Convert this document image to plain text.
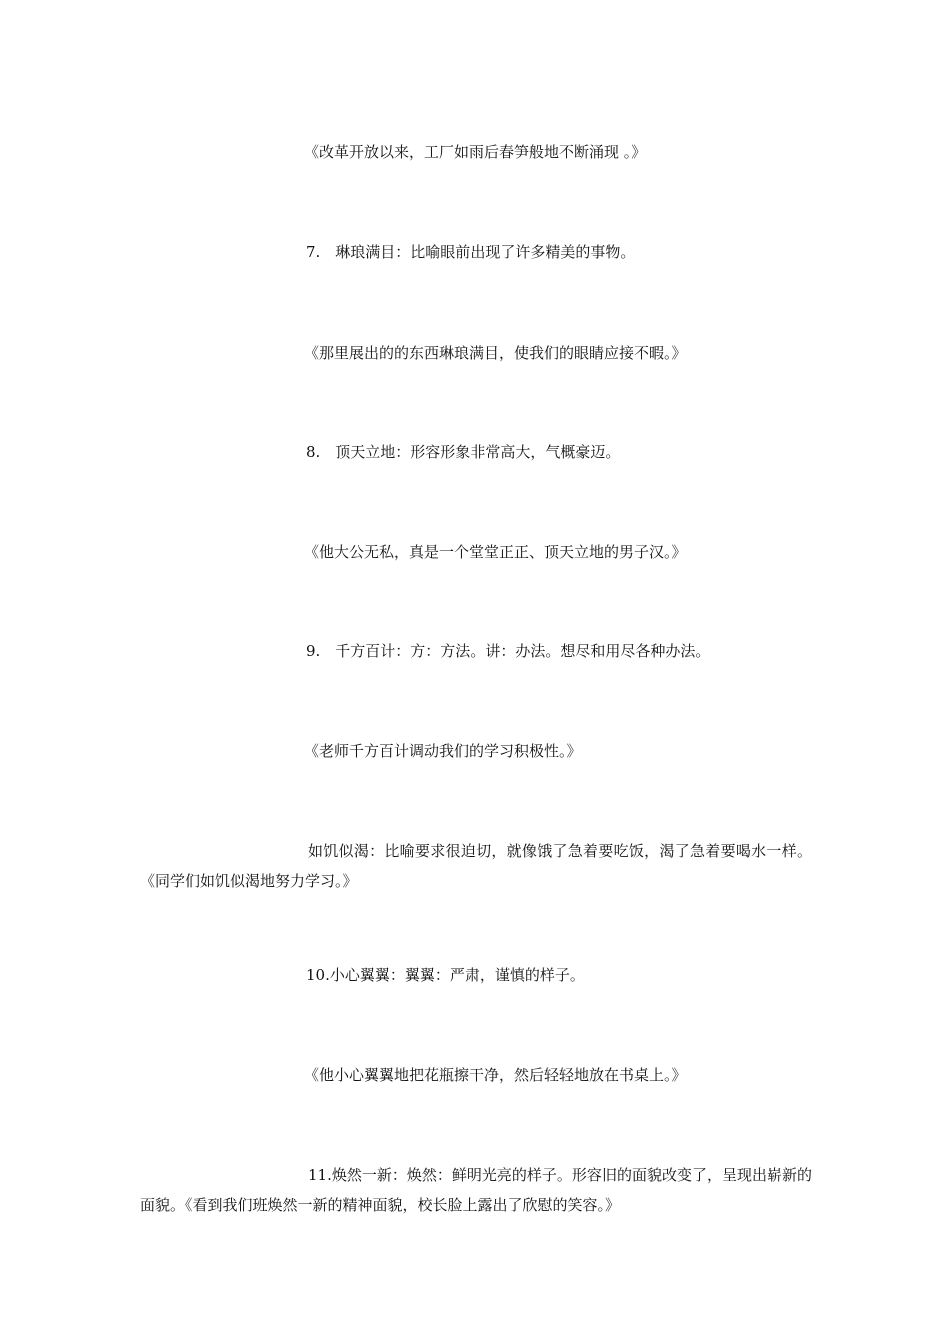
《改革开放以来，工厂如雨后春笋般地不断涌现 。》
7.　琳琅满目：比喻眼前出现了许多精美的事物。
《那里展出的的东西琳琅满目，使我们的眼睛应接不暇。》
8.　顶天立地：形容形象非常高大，气概豪迈。
《他大公无私，真是一个堂堂正正、顶天立地的男子汉。》
9.　千方百计：方：方法。讲：办法。想尽和用尽各种办法。
《老师千方百计调动我们的学习积极性。》
如饥似渴：比喻要求很迫切，就像饿了急着要吃饭，渴了急着要喝水一样。《同学们如饥似渴地努力学习。》
10.小心翼翼：翼翼：严肃，谨慎的样子。
《他小心翼翼地把花瓶擦干净，然后轻轻地放在书桌上。》
11.焕然一新：焕然：鲜明光亮的样子。形容旧的面貌改变了，呈现出崭新的面貌。《看到我们班焕然一新的精神面貌，校长脸上露出了欣慰的笑容。》
